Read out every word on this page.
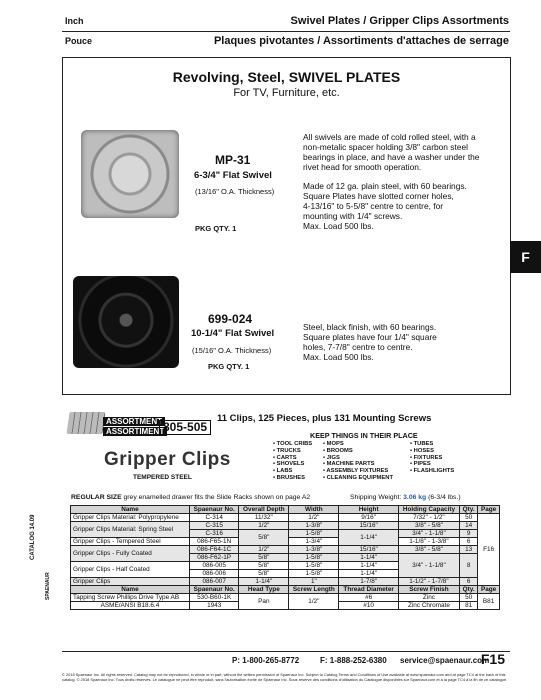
Inch	Swivel Plates / Gripper Clips Assortments
Pouce	Plaques pivotantes / Assortiments d'attaches de serrage
Revolving, Steel, SWIVEL PLATES
For TV, Furniture, etc.
MP-31
6-3/4" Flat Swivel
(13/16" O.A. Thickness)
PKG QTY. 1
All swivels are made of cold rolled steel, with a
non-metalic spacer holding 3/8" carbon steel
bearings in place, and have a washer under the
rivet head for smooth operation.
Made of 12 ga. plain steel, with 60 bearings.
Square Plates have slotted corner holes,
4-13/16" to 5-5/8" centre to centre, for
mounting with 1/4" screws.
Max. Load 500 lbs.
699-024
10-1/4" Flat Swivel
(15/16" O.A. Thickness)
PKG QTY. 1
Steel, black finish, with 60 bearings.
Square plates have four 1/4" square
holes, 7-7/8" centre to centre.
Max. Load 500 lbs.
F
ASSORTMENT
ASSORTIMENT
805-505
11 Clips, 125 Pieces, plus 131 Mounting Screws
KEEP THINGS IN THEIR PLACE
• TOOL CRIBS
• TRUCKS
• CARTS
• SHOVELS
• LABS
• BRUSHES
• MOPS
• BROOMS
• JIGS
• MACHINE PARTS
• ASSEMBLY FIXTURES
• CLEANING EQUIPMENT
• TUBES
• HOSES
• FIXTURES
• PIPES
• FLASHLIGHTS
Gripper Clips
TEMPERED STEEL
REGULAR SIZE grey enamelled drawer fits the Slide Racks shown on page A2	Shipping Weight: 3.06 kg (6-3/4 lbs.)
Name	Spaenaur No.	Overall Depth	Width	Height	Holding Capacity	Qty.	Page
Gripper Clips Material: Polypropylene	C-314	11/32"	1/2"	9/16"	7/32" - 1/2"	50	F16
Gripper Clips Material: Spring Steel	C-315	1/2"	1-3/8"	15/16"	3/8" - 5/8"	14	
	C-316	5/8"	1-5/8"	1-1/4"	3/4" - 1-1/8"	9	
Gripper Clips - Tempered Steel	086-F65-1N		1-3/4"		1-1/8" - 1-3/8"	6	
Gripper Clips - Fully Coated	086-F64-1C	1/2"	1-3/8"	15/16"	3/8" - 5/8"	13	
	086-F62-1P	5/8"	1-5/8"	1-1/4"	3/4" - 1-1/8"	8	
Gripper Clips - Half Coated	086-005	5/8"	1-5/8"	1-1/4"			
	086-006	5/8"	1-5/8"	1-1/4"			
Gripper Clips	086-007	1-1/4"	1"	1-7/8"	1-1/2" - 1-7/8"	6	
Name	Spaenaur No.	Head Type	Screw Length	Thread Diameter	Screw Finish	Qty.	Page
Tapping Screw Phillips Drive Type AB	530-B60-1K	Pan	1/2"	#6	Zinc	50	B81
ASME/ANSI B18.6.4	1943			#10	Zinc Chromate	81	
CATALOG 14.09
SPAENAUR
P: 1-800-265-8772	F: 1-888-252-6380 service@spaenaur.com
F15
© 2018 Spaenaur Inc. All rights reserved. Catalog may not be reproduced, in whole or in part, without the written permission of Spaenaur Inc. Subject to Catalog Terms and Conditions of Use available at www.spaenaur.com and at page TC4 at the back of this catalog. © 2018 Spaenaur Inc. Tous droits réservés. Le catalogue ne peut être reproduit, sans l'autorisation écrite de Spaenaur Inc. Sous réserve des conditions d'utilisation du Catalogue disponibles sur Spaenaur.com et à la page TC4 à la fin de ce catalogue.
